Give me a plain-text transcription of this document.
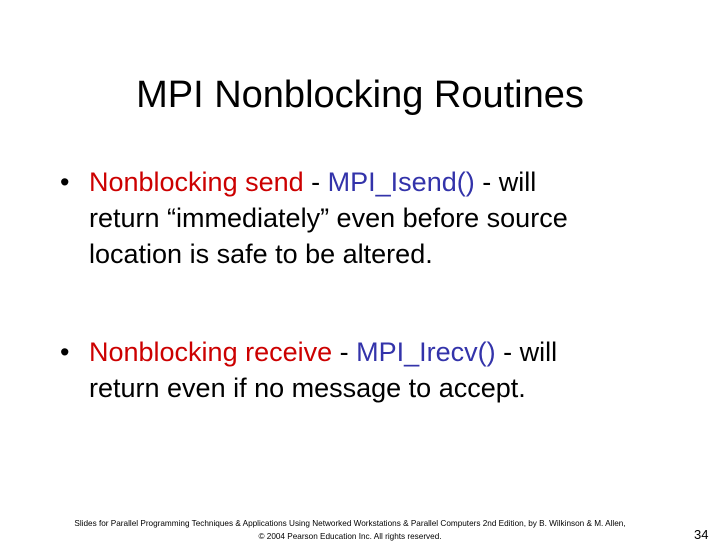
MPI Nonblocking Routines
• Nonblocking send - MPI_Isend() - will
return “immediately” even before source
location is safe to be altered.
• Nonblocking receive - MPI_Irecv() - will
return even if no message to accept.
Slides for Parallel Programming Techniques & Applications Using Networked Workstations & Parallel Computers 2nd Edition, by B. Wilkinson & M. Allen,
© 2004 Pearson Education Inc. All rights reserved.	34
